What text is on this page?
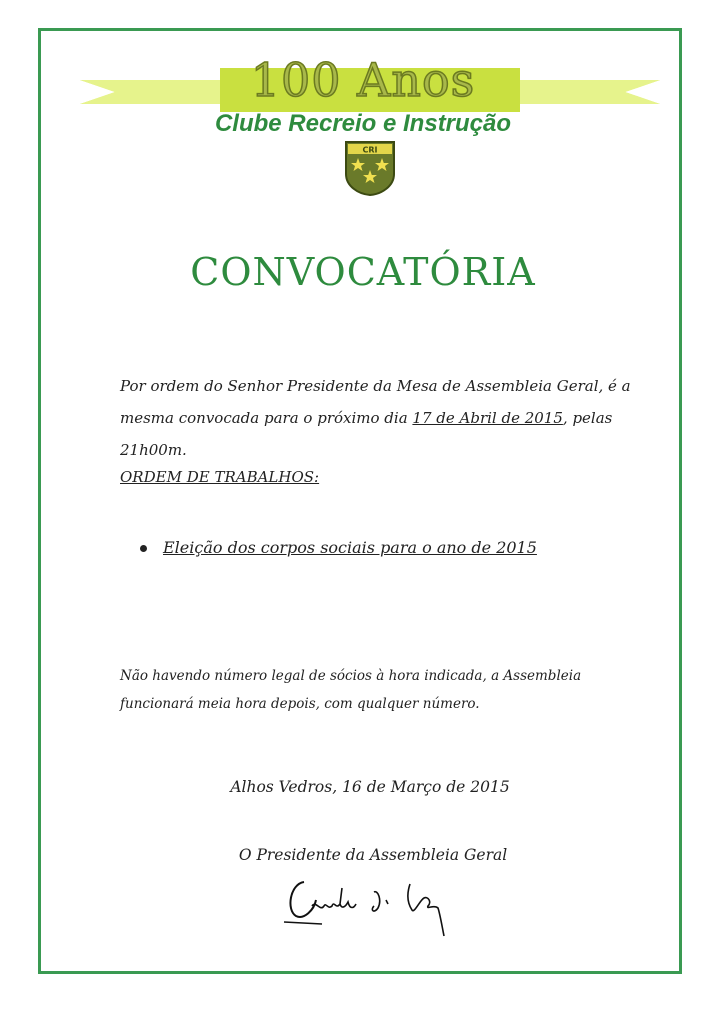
100 Anos
Clube Recreio e Instrução
CRI
CONVOCATÓRIA
Por ordem do Senhor Presidente da Mesa de Assembleia Geral, é a mesma convocada para o próximo dia 17 de Abril de 2015, pelas 21h00m.
ORDEM DE TRABALHOS:
Eleição dos corpos sociais para o ano de 2015
Não havendo número legal de sócios à hora indicada, a Assembleia funcionará meia hora depois, com qualquer número.
Alhos Vedros, 16 de Março de 2015
O Presidente da Assembleia Geral
